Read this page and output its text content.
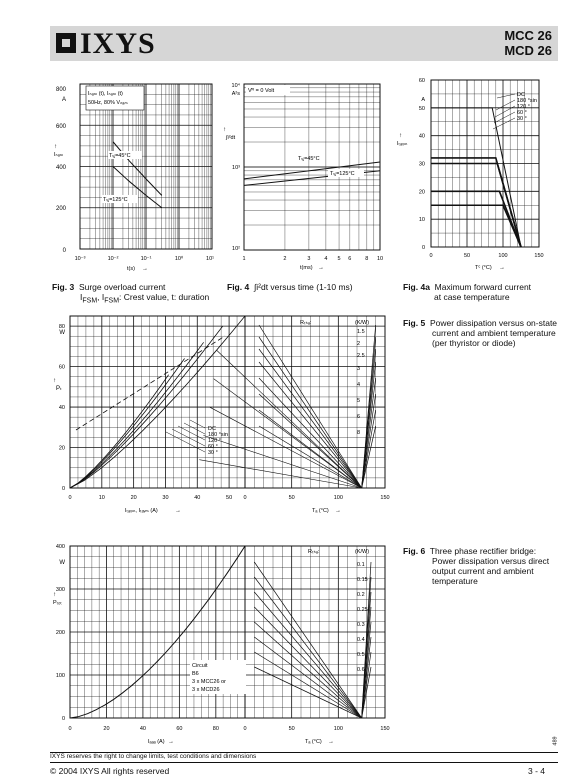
IXYS	MCC 26
MCD 26
Iₙₐₘ (t), Iₙₐₘ (t)
50Hz, 80% Vₙₐₘ
Tᵥⱼ=45°C
Tᵥⱼ=125°C
800
A
600
400
200
0
↑
Iₙₐₘ
10⁻³	10⁻²	10⁻¹	10⁰	10¹
t(s) →
Fig. 3 Surge overload current
$I_{FSM}$, $I_{FSM}$: Crest value, t: duration
Vᴿ = 0 Volt
Tᵥⱼ=45°C
Tᵥⱼ=125°C
10⁴
A²s
10³
10²
↑
∫i²dt
1	2	3	4 5 6	8 10
t(ms) →
Fig. 4 ∫i²dt versus time (1-10 ms)
DC
180 °sin
120 °
60 °
30 °
0
10
20
30
40
50
60
A
↑
Iₜₐᵥₘ
0	50	100	150
Tᶜ (°C) →
Fig. 4a Maximum forward current
at case temperature
DC
180 °sin
120 °
60 °
30 °
Rₜₕₐ:	(K/W)
1.5
2
2.5
3
4
5
6
8
0
20
40
60
80
W
↑
Pₜ
0	10	20	30	40	50 0	50	100	150
Iₜₐᵥₘ, Iₜₐᵥₘ (A)	→	Tₐ (°C) →
Fig. 5 Power dissipation versus on-state
current and ambient temperature
(per thyristor or diode)
Circuit
B6
3 x MCC26 or
3 x MCD26
Rₜₕₐ:	(K/W)
0.1
0.15
0.2
0.25
0.3
0.4
0.5
0.6
0
100
200
300
400
W
↑
Pₜₒₜ
0	20	40	60	80	0	50	100	150
Iₐₐₐ (A) →	Tₐ (°C) →
Fig. 6 Three phase rectifier bridge:
Power dissipation versus direct
output current and ambient
temperature
IXYS reserves the right to change limits, test conditions and dimensions
© 2004 IXYS All rights reserved	3 - 4
489
